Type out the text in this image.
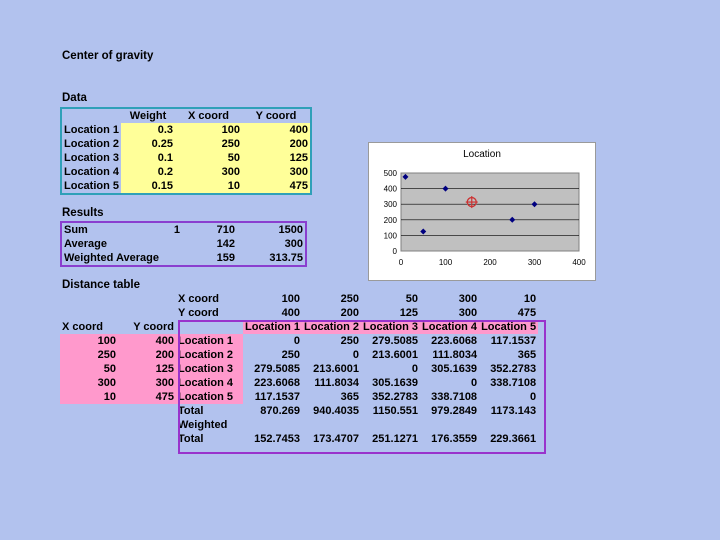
Center of gravity
Data
	Weight	X coord	Y coord
Location 1	0.3	100	400
Location 2	0.25	250	200
Location 3	0.1	50	125
Location 4	0.2	300	300
Location 5	0.15	10	475
Results
Sum	1	710	1500
Average		142	300
Weighted Average		159	313.75
Location
0
100
200
300
400
500
0	100	200	300	400
Distance table
		X coord	100	250	50	300	10
		Y coord	400	200	125	300	475
X coord	Y coord		Location 1	Location 2	Location 3	Location 4	Location 5
100	400	Location 1	0	250	279.5085	223.6068	117.1537
250	200	Location 2	250	0	213.6001	111.8034	365
50	125	Location 3	279.5085	213.6001	0	305.1639	352.2783
300	300	Location 4	223.6068	111.8034	305.1639	0	338.7108
10	475	Location 5	117.1537	365	352.2783	338.7108	0
		Total	870.269	940.4035	1150.551	979.2849	1173.143
		Weighted					
		Total	152.7453	173.4707	251.1271	176.3559	229.3661
